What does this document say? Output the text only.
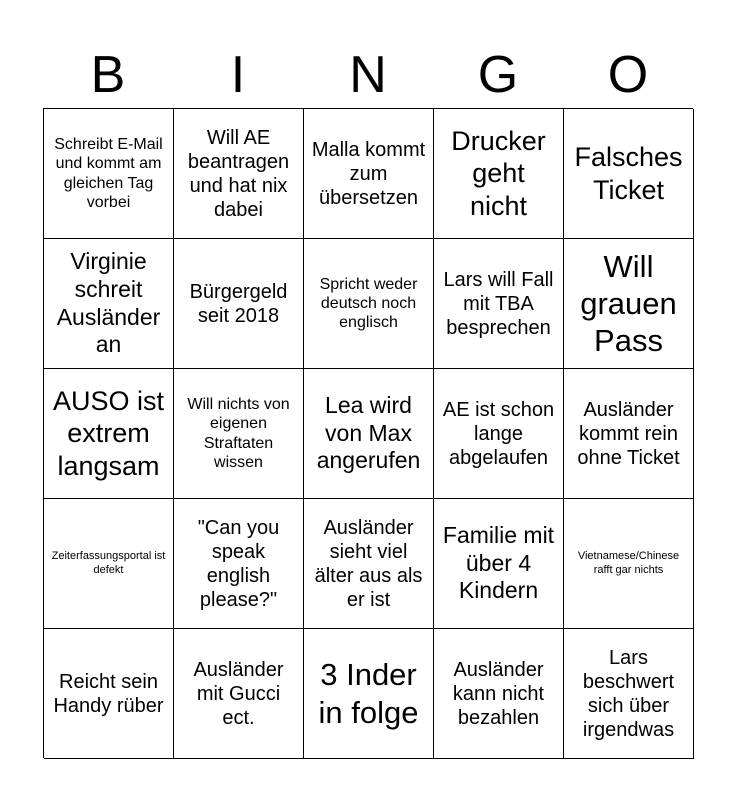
B	I	N	G	O
Schreibt E-Mail und kommt am gleichen Tag vorbei
Will AE beantragen und hat nix dabei
Malla kommt zum übersetzen
Drucker geht nicht
Falsches Ticket
Virginie schreit Ausländer an
Bürgergeld seit 2018
Spricht weder deutsch noch englisch
Lars will Fall mit TBA besprechen
Will grauen Pass
AUSO ist extrem langsam
Will nichts von eigenen Straftaten wissen
Lea wird von Max angerufen
AE ist schon lange abgelaufen
Ausländer kommt rein ohne Ticket
Zeiterfassungsportal ist defekt
"Can you speak english please?"
Ausländer sieht viel älter aus als er ist
Familie mit über 4 Kindern
Vietnamese/Chinese rafft gar nichts
Reicht sein Handy rüber
Ausländer mit Gucci ect.
3 Inder in folge
Ausländer kann nicht bezahlen
Lars beschwert sich über irgendwas
